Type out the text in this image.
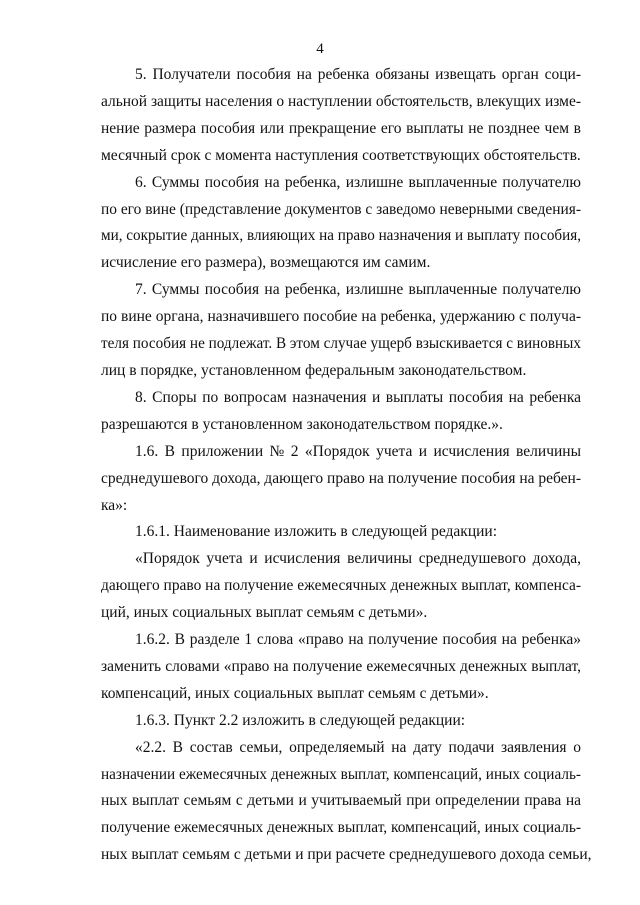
4

5. Получатели пособия на ребенка обязаны извещать орган соци-

альной защиты населения о наступлении обстоятельств, влекущих изме-

нение размера пособия или прекращение его выплаты не позднее чем в

месячный срок с момента наступления соответствующих обстоятельств.

6. Суммы пособия на ребенка, излишне выплаченные получателю

по его вине (представление документов с заведомо неверными сведения-

ми, сокрытие данных, влияющих на право назначения и выплату пособия,

исчисление его размера), возмещаются им самим.

7. Суммы пособия на ребенка, излишне выплаченные получателю

по вине органа, назначившего пособие на ребенка, удержанию с получа-

теля пособия не подлежат. В этом случае ущерб взыскивается с виновных

лиц в порядке, установленном федеральным законодательством.

8. Споры по вопросам назначения и выплаты пособия на ребенка

разрешаются в установленном законодательством порядке.».

1.6. В приложении № 2 «Порядок учета и исчисления величины

среднедушевого дохода, дающего право на получение пособия на ребен-

ка»:

1.6.1. Наименование изложить в следующей редакции:

«Порядок учета и исчисления величины среднедушевого дохода,

дающего право на получение ежемесячных денежных выплат, компенса-

ций, иных социальных выплат семьям с детьми».

1.6.2. В разделе 1 слова «право на получение пособия на ребенка»

заменить словами «право на получение ежемесячных денежных выплат,

компенсаций, иных социальных выплат семьям с детьми».

1.6.3. Пункт 2.2 изложить в следующей редакции:

«2.2. В состав семьи, определяемый на дату подачи заявления о

назначении ежемесячных денежных выплат, компенсаций, иных социаль-

ных выплат семьям с детьми и учитываемый при определении права на

получение ежемесячных денежных выплат, компенсаций, иных социаль-

ных выплат семьям с детьми и при расчете среднедушевого дохода семьи,
